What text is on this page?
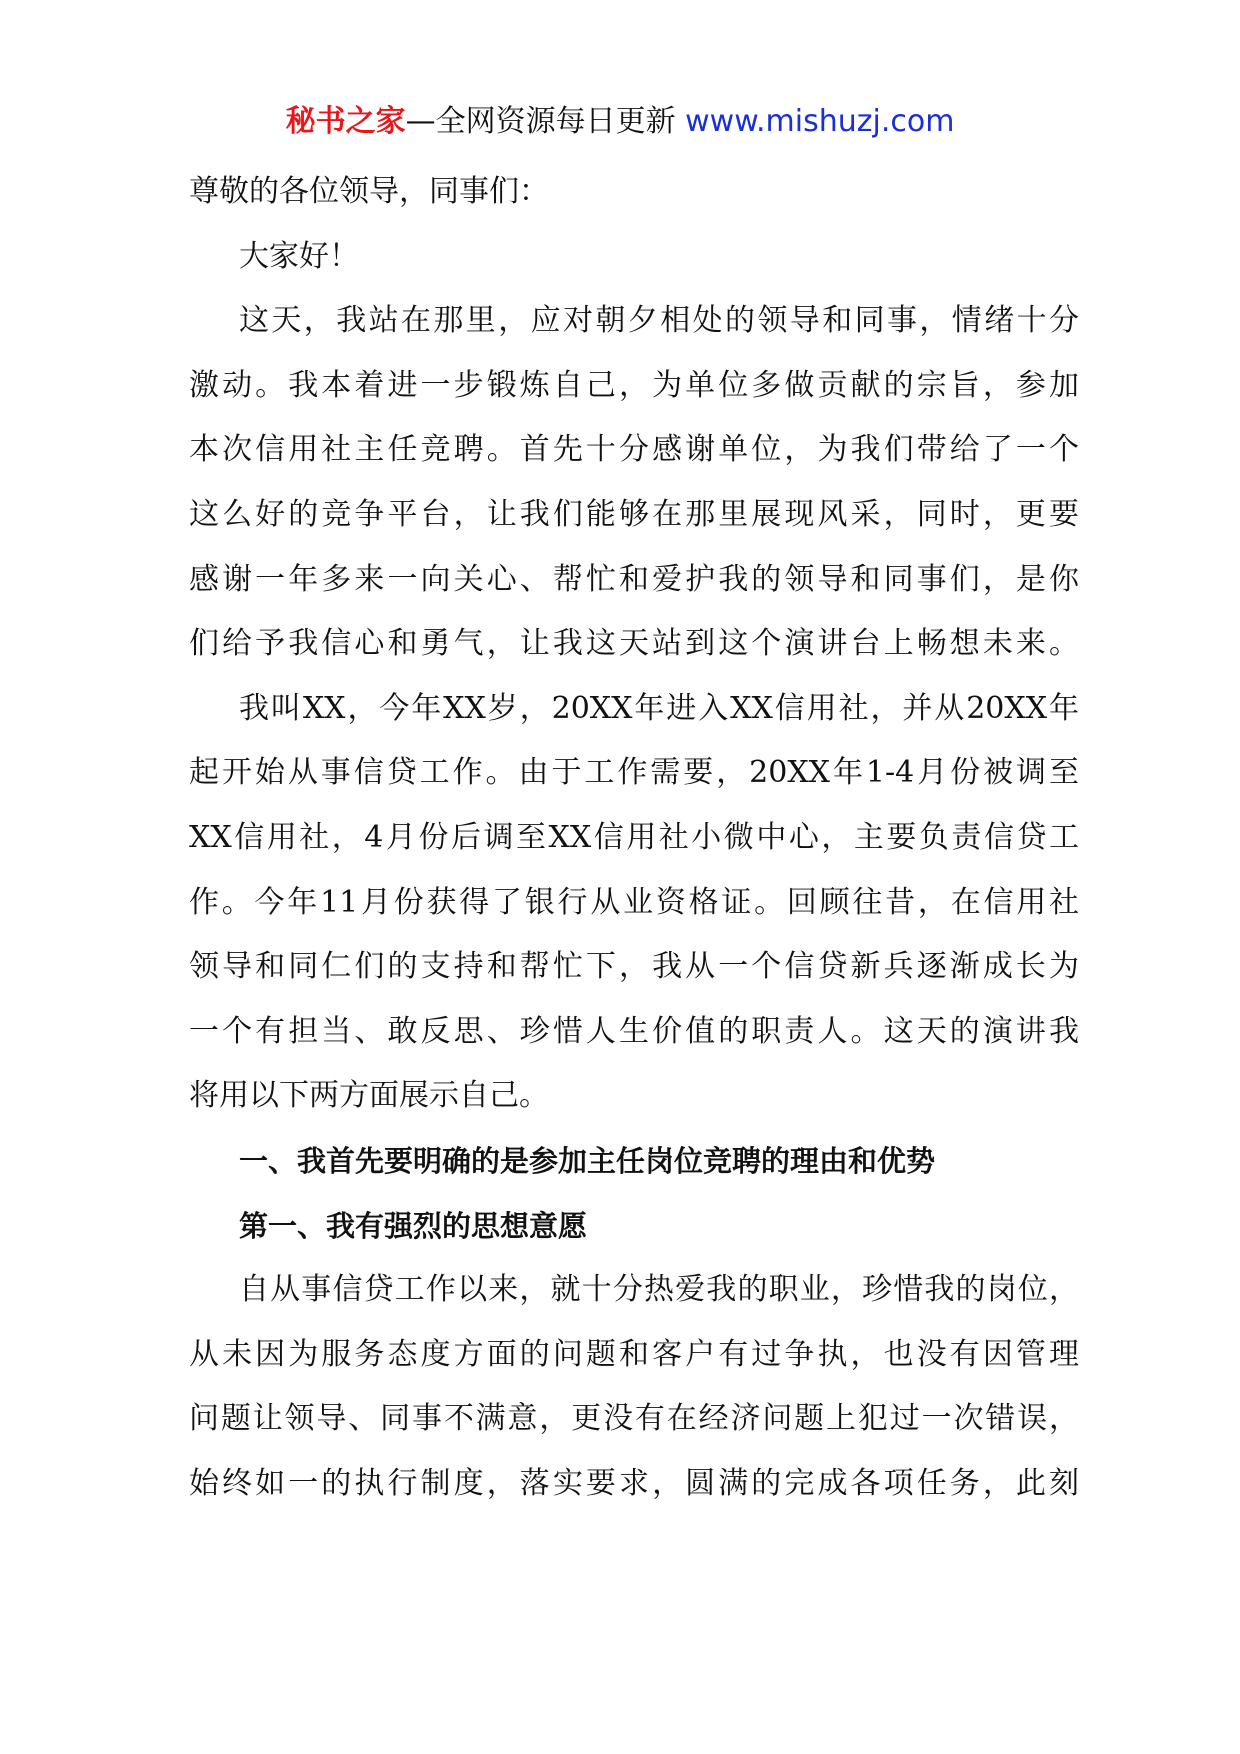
秘书之家—全网资源每日更新 www.mishuzj.com
尊敬的各位领导，同事们：
大家好！
这天，我站在那里，应对朝夕相处的领导和同事，情绪十分
激动。我本着进一步锻炼自己，为单位多做贡献的宗旨，参加
本次信用社主任竞聘。首先十分感谢单位，为我们带给了一个
这么好的竞争平台，让我们能够在那里展现风采，同时，更要
感谢一年多来一向关心、帮忙和爱护我的领导和同事们，是你
们给予我信心和勇气，让我这天站到这个演讲台上畅想未来。
我叫XX，今年XX岁，20XX年进入XX信用社，并从20XX年
起开始从事信贷工作。由于工作需要，20XX年1-4月份被调至
XX信用社，4月份后调至XX信用社小微中心，主要负责信贷工
作。今年11月份获得了银行从业资格证。回顾往昔，在信用社
领导和同仁们的支持和帮忙下，我从一个信贷新兵逐渐成长为
一个有担当、敢反思、珍惜人生价值的职责人。这天的演讲我
将用以下两方面展示自己。
一、我首先要明确的是参加主任岗位竞聘的理由和优势
第一、我有强烈的思想意愿
自从事信贷工作以来，就十分热爱我的职业，珍惜我的岗位，
从未因为服务态度方面的问题和客户有过争执，也没有因管理
问题让领导、同事不满意，更没有在经济问题上犯过一次错误，
始终如一的执行制度，落实要求，圆满的完成各项任务，此刻
